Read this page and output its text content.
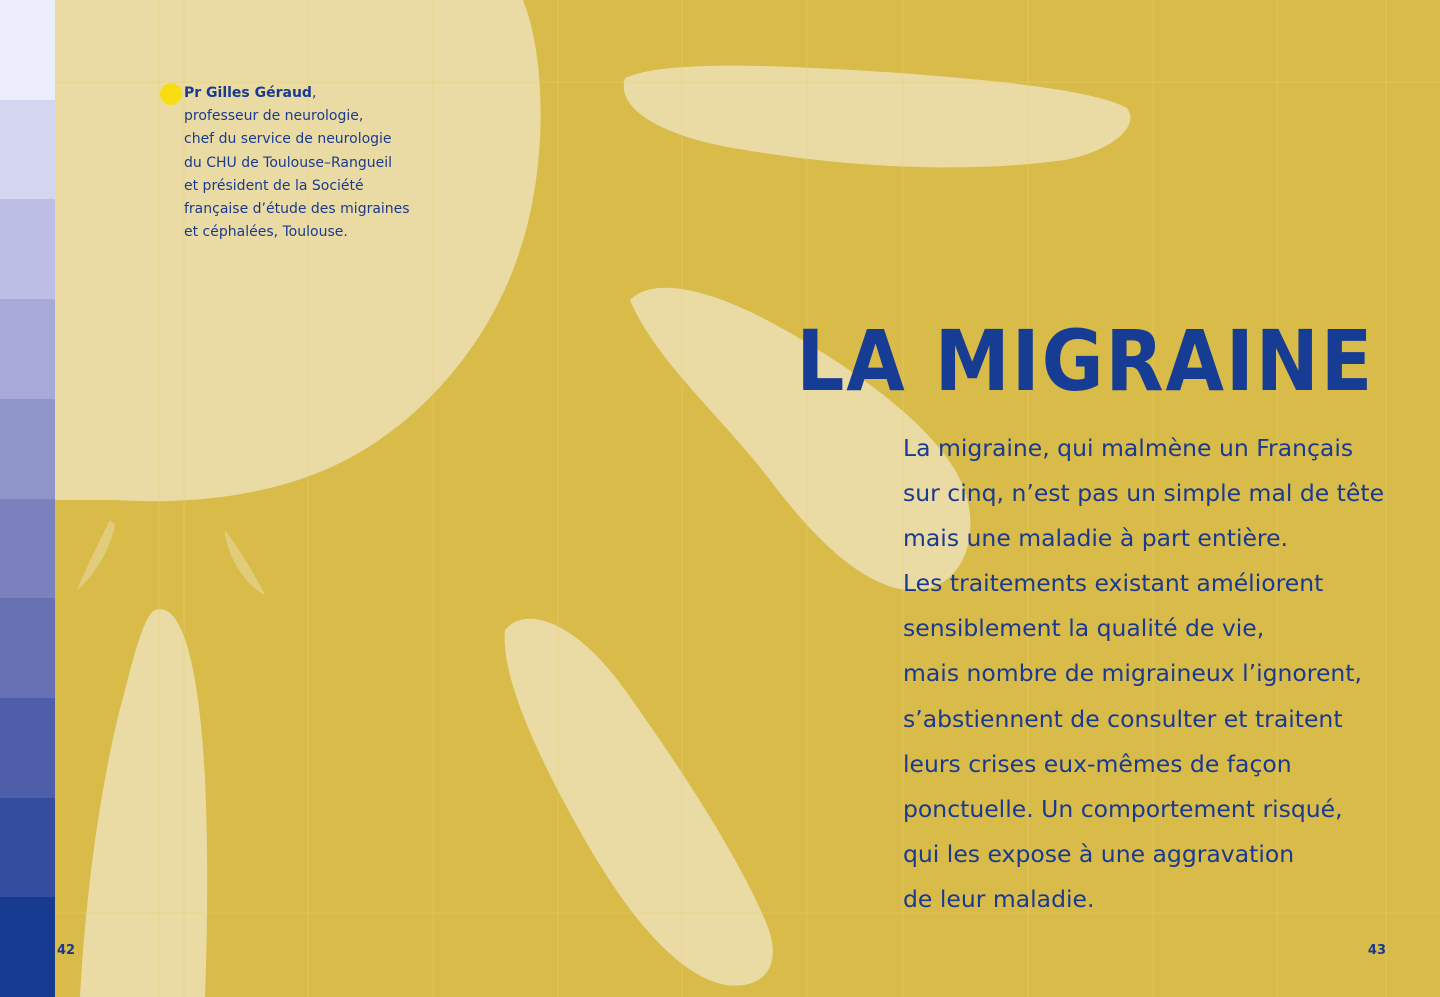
Pr Gilles Géraud,
professeur de neurologie,
chef du service de neurologie
du CHU de Toulouse–Rangueil
et président de la Société
française d’étude des migraines
et céphalées, Toulouse.
LA MIGRAINE
La migraine, qui malmène un Français
sur cinq, n’est pas un simple mal de tête
mais une maladie à part entière.
Les traitements existant améliorent
sensiblement la qualité de vie,
mais nombre de migraineux l’ignorent,
s’abstiennent de consulter et traitent
leurs crises eux-mêmes de façon
ponctuelle. Un comportement risqué,
qui les expose à une aggravation
de leur maladie.
42	43
